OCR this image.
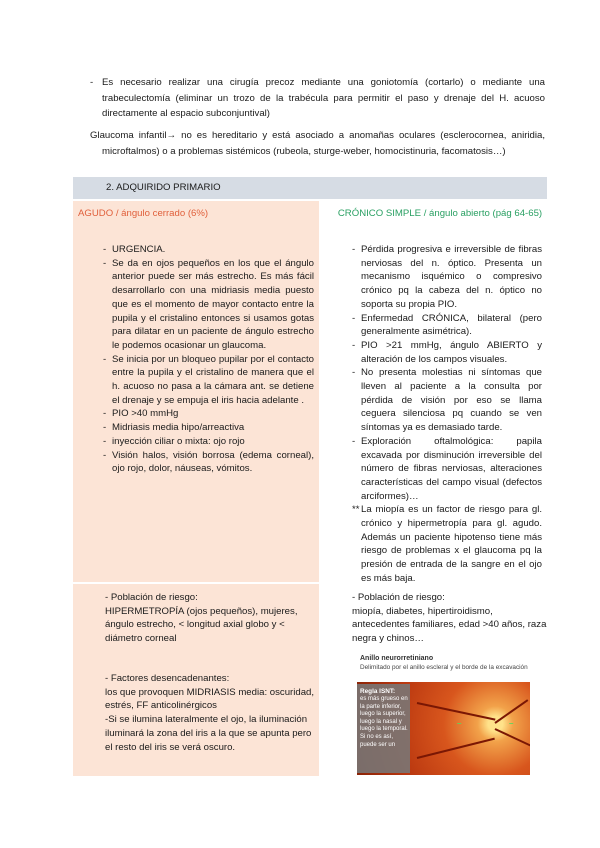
- Es necesario realizar una cirugía precoz mediante una goniotomía (cortarlo) o mediante una trabeculectomía (eliminar un trozo de la trabécula para permitir el paso y drenaje del H. acuoso directamente al espacio subconjuntival)
Glaucoma infantil→ no es hereditario y está asociado a anomañas oculares (esclerocornea, aniridia, microftalmos) o a problemas sistémicos (rubeola, sturge-weber, homocistinuria, facomatosis…)
2. ADQUIRIDO PRIMARIO
AGUDO / ángulo cerrado (6%)	CRÓNICO SIMPLE / ángulo abierto (pág 64-65)
- URGENCIA.
- Se da en ojos pequeños en los que el ángulo anterior puede ser más estrecho. Es más fácil desarrollarlo con una midriasis media puesto que es el momento de mayor contacto entre la pupila y el cristalino entonces si usamos gotas para dilatar en un paciente de ángulo estrecho le podemos ocasionar un glaucoma.
- Se inicia por un bloqueo pupilar por el contacto entre la pupila y el cristalino de manera que el h. acuoso no pasa a la cámara ant. se detiene el drenaje y se empuja el iris hacia adelante .
- PIO >40 mmHg
- Midriasis media hipo/arreactiva
- inyección ciliar o mixta: ojo rojo
- Visión halos, visión borrosa (edema corneal), ojo rojo, dolor, náuseas, vómitos.
- Pérdida progresiva e irreversible de fibras nerviosas del n. óptico. Presenta un mecanismo isquémico o compresivo crónico pq la cabeza del n. óptico no soporta su propia PIO.
- Enfermedad CRÓNICA, bilateral (pero generalmente asimétrica).
- PIO >21 mmHg, ángulo ABIERTO y alteración de los campos visuales.
- No presenta molestias ni síntomas que lleven al paciente a la consulta por pérdida de visión por eso se llama ceguera silenciosa pq cuando se ven síntomas ya es demasiado tarde.
- Exploración oftalmológica: papila excavada por disminución irreversible del número de fibras nerviosas, alteraciones características del campo visual (defectos arciformes)…
** La miopía es un factor de riesgo para gl. crónico y hipermetropía para gl. agudo. Además un paciente hipotenso tiene más riesgo de problemas x el glaucoma pq la presión de entrada de la sangre en el ojo es más baja.
- Población de riesgo:
HIPERMETROPÍA (ojos pequeños), mujeres, ángulo estrecho, < longitud axial globo y < diámetro corneal
- Factores desencadenantes:
los que provoquen MIDRIASIS media: oscuridad, estrés, FF anticolinérgicos
-Si se ilumina lateralmente el ojo, la iluminación iluminará la zona del iris a la que se apunta pero el resto del iris se verá oscuro.
- Población de riesgo:
miopía, diabetes, hipertiroidismo, antecedentes familiares, edad >40 años, raza negra y chinos…
Anillo neurorretiniano
Delimitado por el anillo escleral y el borde de la excavación
–	–
Regla ISNT:
es más grueso en la parte inferior, luego la superior, luego la nasal y luego la temporal. Si no es así, puede ser un
